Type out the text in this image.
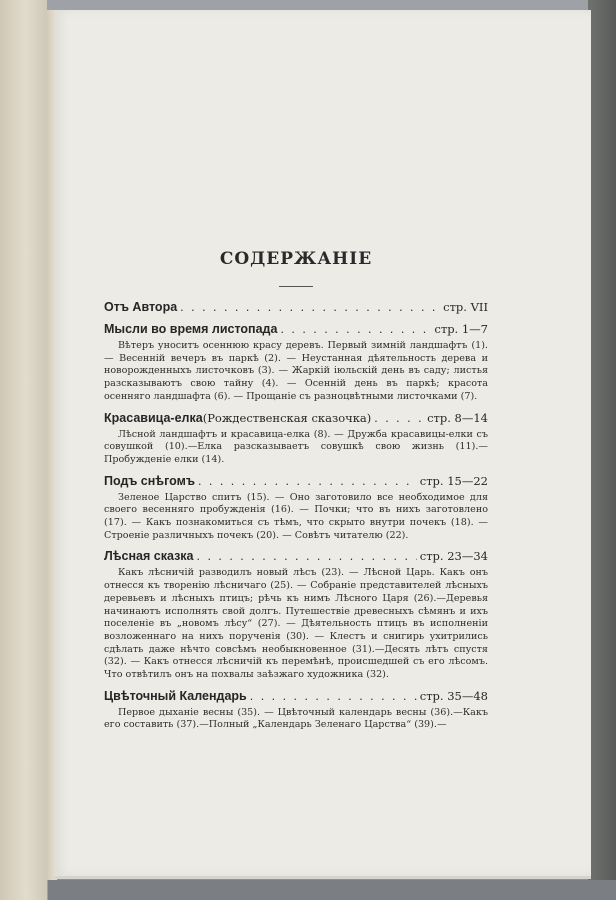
СОДЕРЖАНІЕ
Отъ Автора . . .	стр. VII

Мысли во время листопада . . .	стр. 1—7

Вѣтеръ уноситъ осеннюю красу деревъ. Первый зимній ландшафтъ (1). — Весенній вечеръ въ паркѣ (2). — Неустанная дѣятельность дерева и новорожденныхъ листочковъ (3). — Жаркій іюльскій день въ саду; листья разсказываютъ свою тайну (4). — Осенній день въ паркѣ; красота осенняго ландшафта (6). — Прощаніе съ разноцвѣтными листочками (7).

Красавица-елка (Рождественская сказочка) . . .	стр. 8—14

Лѣсной ландшафтъ и красавица-елка (8). — Дружба красавицы-елки съ совушкой (10).—Елка разсказываетъ совушкѣ свою жизнь (11).—Пробужденіе елки (14).

Подъ снѣгомъ . . .	стр. 15—22

Зеленое Царство спитъ (15). — Оно заготовило все необходимое для своего весенняго пробужденія (16). — Почки; что въ нихъ заготовлено (17). — Какъ познакомиться съ тѣмъ, что скрыто внутри почекъ (18). — Строеніе различныхъ почекъ (20). — Совѣтъ читателю (22).

Лѣсная сказка . . .	стр. 23—34

Какъ лѣсничій разводилъ новый лѣсъ (23). — Лѣсной Царь. Какъ онъ отнесся къ творенію лѣсничаго (25). — Собраніе представителей лѣсныхъ деревьевъ и лѣсныхъ птицъ; рѣчь къ нимъ Лѣсного Царя (26).—Деревья начинаютъ исполнять свой долгъ. Путешествіе древесныхъ сѣмянъ и ихъ поселеніе въ „новомъ лѣсу“ (27). — Дѣятельность птицъ въ исполненіи возложеннаго на нихъ порученія (30). — Клестъ и снигирь ухитрились сдѣлать даже нѣчто совсѣмъ необыкновенное (31).—Десять лѣтъ спустя (32). — Какъ отнесся лѣсничій къ перемѣнѣ, происшедшей съ его лѣсомъ. Что отвѣтилъ онъ на похвалы заѣзжаго художника (32).

Цвѣточный Календарь . . .	стр. 35—48

Первое дыханіе весны (35). — Цвѣточный календарь весны (36).—Какъ его составить (37).—Полный „Календарь Зеленаго Царства“ (39).—
